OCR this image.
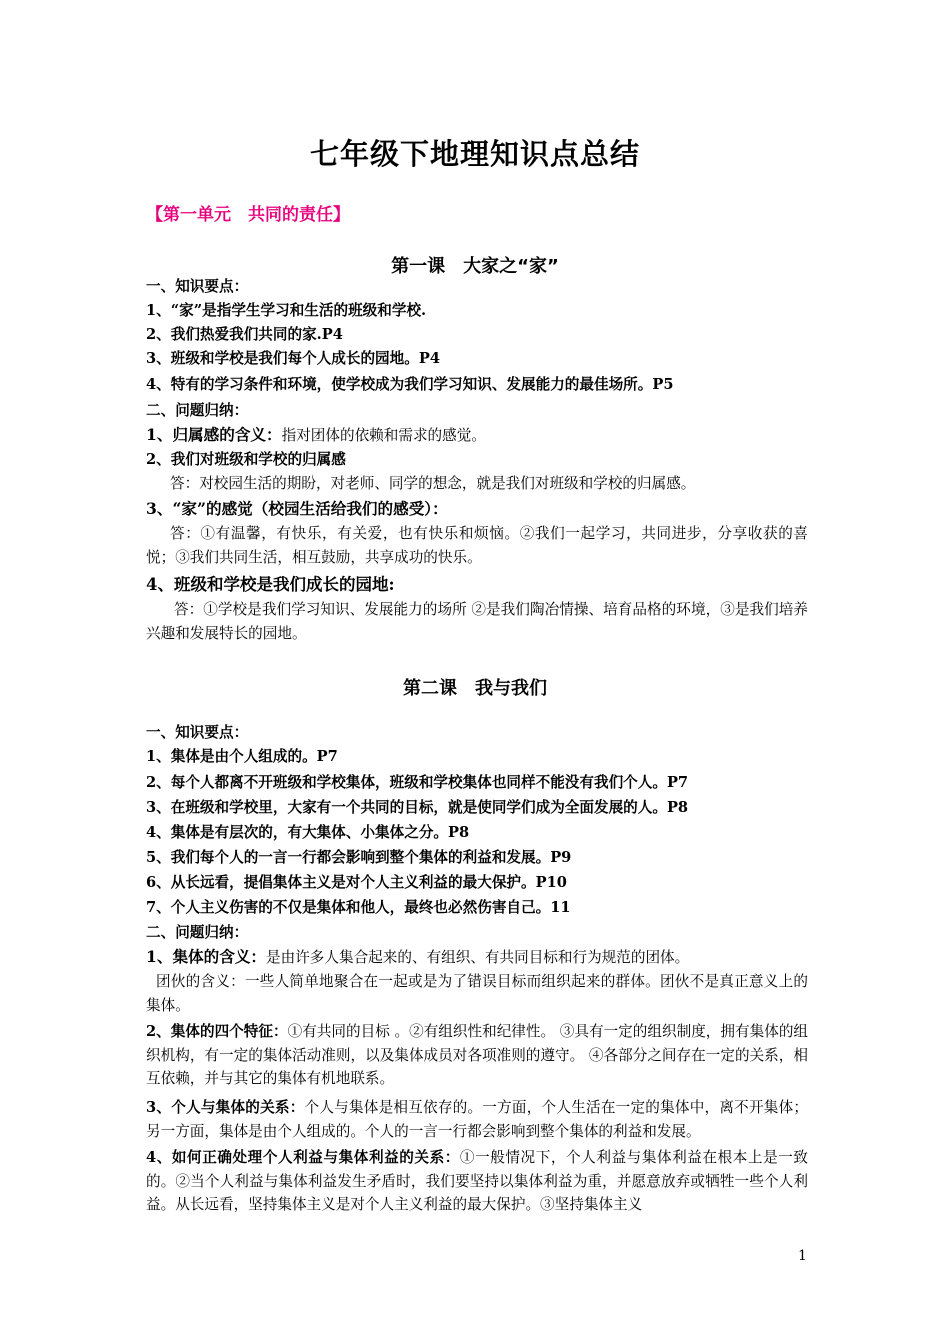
七年级下地理知识点总结
【第一单元　共同的责任】
第一课　大家之“家”
一、知识要点：
1、“家”是指学生学习和生活的班级和学校.
2、我们热爱我们共同的家.P4
3、班级和学校是我们每个人成长的园地。P4
4、特有的学习条件和环境，使学校成为我们学习知识、发展能力的最佳场所。P5
二、问题归纳：
1、归属感的含义：指对团体的依赖和需求的感觉。
2、我们对班级和学校的归属感
答：对校园生活的期盼，对老师、同学的想念，就是我们对班级和学校的归属感。
3、“家”的感觉（校园生活给我们的感受）：
答：①有温馨，有快乐，有关爱，也有快乐和烦恼。②我们一起学习，共同进步，分享收获的喜悦；③我们共同生活，相互鼓励，共享成功的快乐。
4、班级和学校是我们成长的园地:
答：①学校是我们学习知识、发展能力的场所 ②是我们陶冶情操、培育品格的环境，③是我们培养兴趣和发展特长的园地。
第二课　我与我们
一、知识要点：
1、集体是由个人组成的。P7
2、每个人都离不开班级和学校集体，班级和学校集体也同样不能没有我们个人。P7
3、在班级和学校里，大家有一个共同的目标，就是使同学们成为全面发展的人。P8
4、集体是有层次的，有大集体、小集体之分。P8
5、我们每个人的一言一行都会影响到整个集体的利益和发展。P9
6、从长远看，提倡集体主义是对个人主义利益的最大保护。P10
7、个人主义伤害的不仅是集体和他人，最终也必然伤害自己。11
二、问题归纳：
1、集体的含义：是由许多人集合起来的、有组织、有共同目标和行为规范的团体。
团伙的含义：一些人简单地聚合在一起或是为了错误目标而组织起来的群体。团伙不是真正意义上的集体。
2、集体的四个特征：①有共同的目标 。②有组织性和纪律性。 ③具有一定的组织制度，拥有集体的组织机构，有一定的集体活动准则，以及集体成员对各项准则的遵守。 ④各部分之间存在一定的关系，相互依赖，并与其它的集体有机地联系。
3、个人与集体的关系：个人与集体是相互依存的。一方面，个人生活在一定的集体中，离不开集体；另一方面，集体是由个人组成的。个人的一言一行都会影响到整个集体的利益和发展。
4、如何正确处理个人利益与集体利益的关系：①一般情况下，个人利益与集体利益在根本上是一致的。②当个人利益与集体利益发生矛盾时，我们要坚持以集体利益为重，并愿意放弃或牺牲一些个人利益。从长远看，坚持集体主义是对个人主义利益的最大保护。③坚持集体主义
1
